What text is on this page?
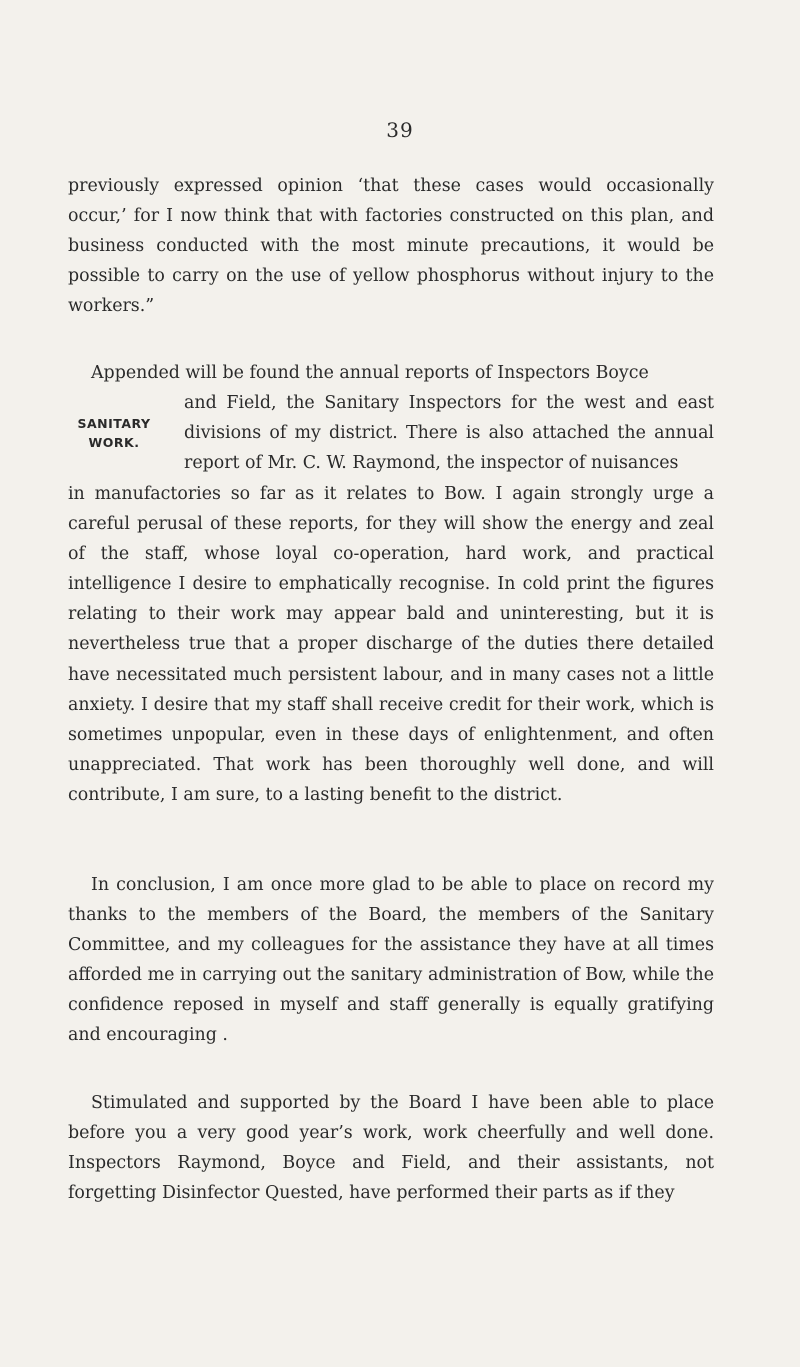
39

previously expressed opinion ‘that these cases would occasionally occur,’ for I now think that with factories constructed on this plan, and business conducted with the most minute precautions, it would be possible to carry on the use of yellow phosphorus without injury to the workers.”

Appended will be found the annual reports of Inspectors Boyce

SANITARY
WORK.

and Field, the Sanitary Inspectors for the west and east divisions of my district. There is also attached the annual report of Mr. C. W. Raymond, the inspector of nuisances

in manufactories so far as it relates to Bow. I again strongly urge a careful perusal of these reports, for they will show the energy and zeal of the staff, whose loyal co-operation, hard work, and practical intelligence I desire to emphatically recognise. In cold print the figures relating to their work may appear bald and uninteresting, but it is nevertheless true that a proper discharge of the duties there detailed have necessitated much persistent labour, and in many cases not a little anxiety. I desire that my staff shall receive credit for their work, which is sometimes unpopular, even in these days of enlightenment, and often unappreciated. That work has been thoroughly well done, and will contribute, I am sure, to a lasting benefit to the district.

In conclusion, I am once more glad to be able to place on record my thanks to the members of the Board, the members of the Sanitary Committee, and my colleagues for the assistance they have at all times afforded me in carrying out the sanitary administration of Bow, while the confidence reposed in myself and staff generally is equally gratifying and encouraging .

Stimulated and supported by the Board I have been able to place before you a very good year’s work, work cheerfully and well done. Inspectors Raymond, Boyce and Field, and their assistants, not forgetting Disinfector Quested, have performed their parts as if they
